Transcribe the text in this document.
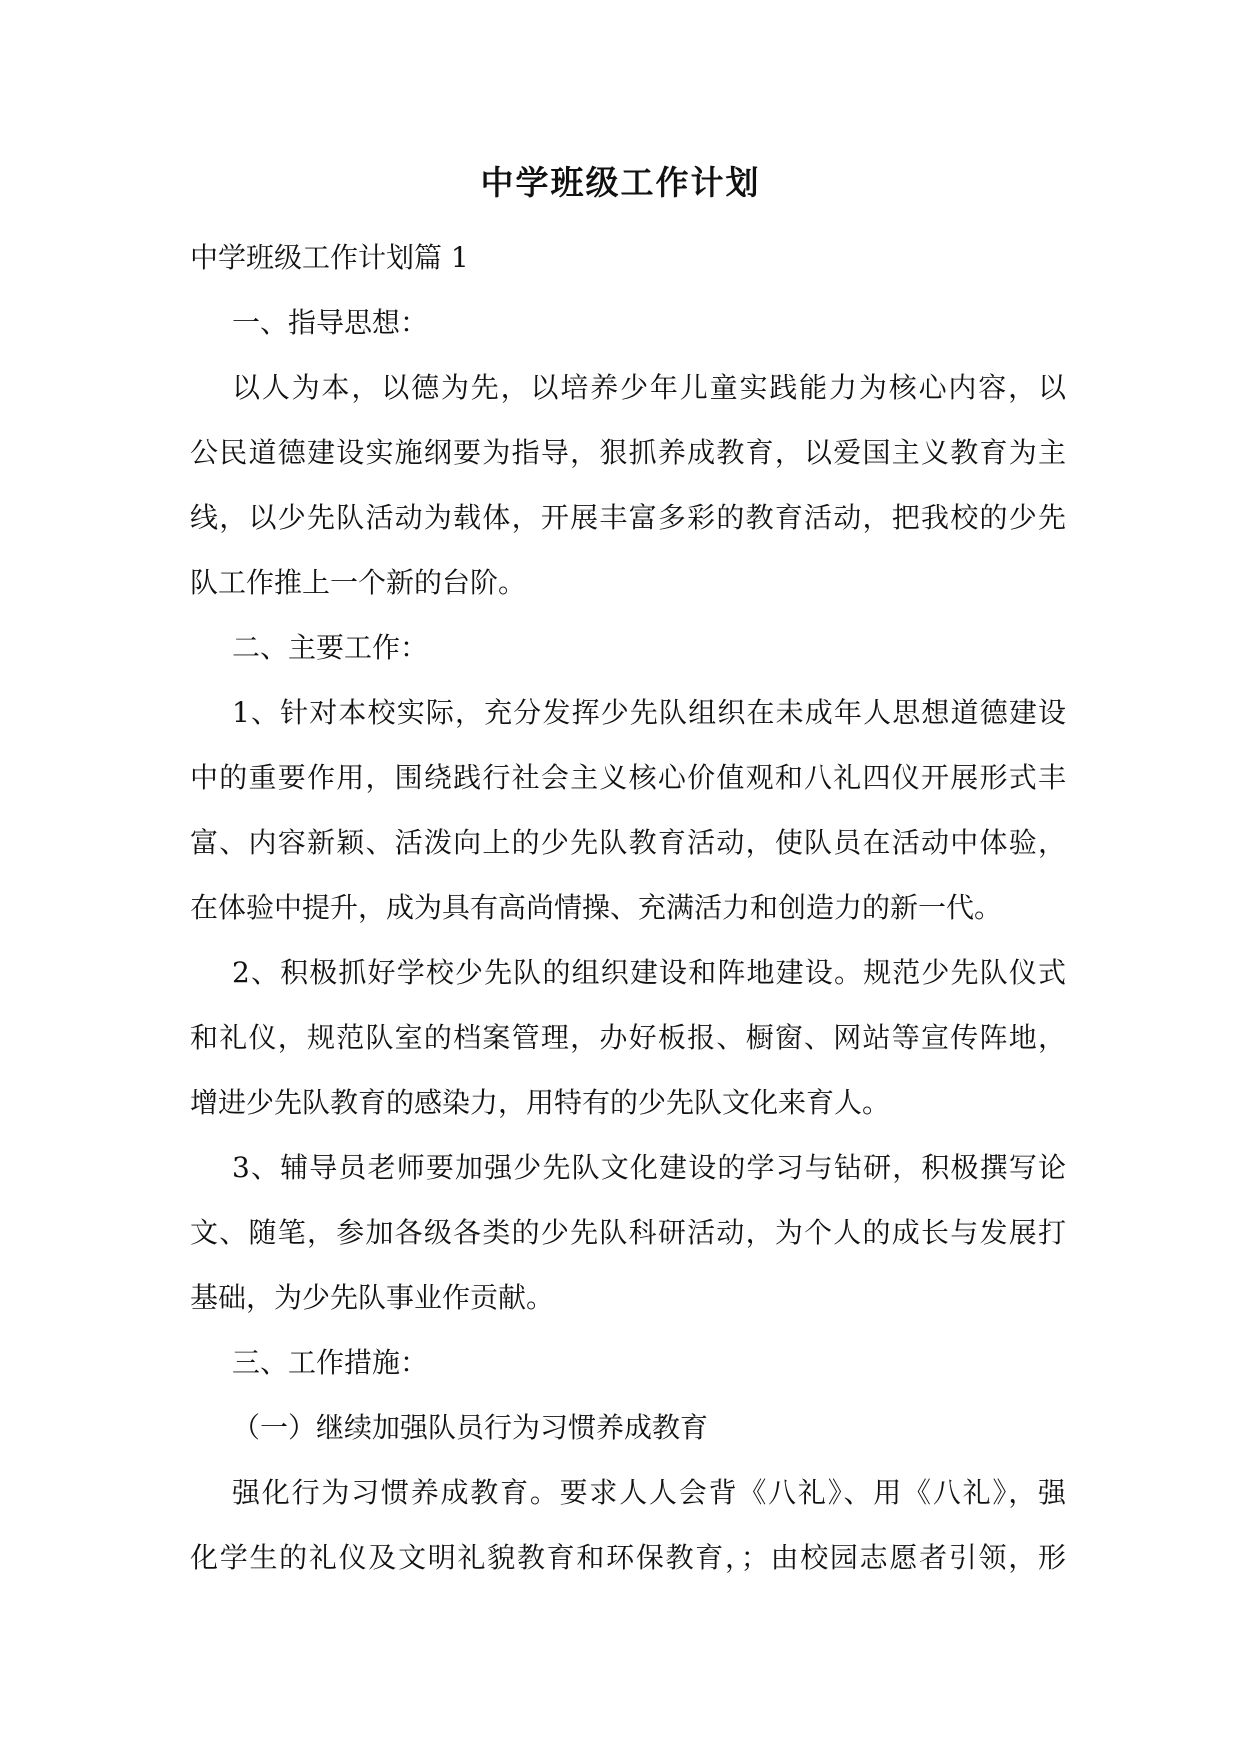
中学班级工作计划
中学班级工作计划篇 1
一、指导思想：
以人为本，以德为先，以培养少年儿童实践能力为核心内容，以
公民道德建设实施纲要为指导，狠抓养成教育，以爱国主义教育为主
线，以少先队活动为载体，开展丰富多彩的教育活动，把我校的少先
队工作推上一个新的台阶。
二、主要工作：
1、针对本校实际，充分发挥少先队组织在未成年人思想道德建设
中的重要作用，围绕践行社会主义核心价值观和八礼四仪开展形式丰
富、内容新颖、活泼向上的少先队教育活动，使队员在活动中体验，
在体验中提升，成为具有高尚情操、充满活力和创造力的新一代。
2、积极抓好学校少先队的组织建设和阵地建设。规范少先队仪式
和礼仪，规范队室的档案管理，办好板报、橱窗、网站等宣传阵地，
增进少先队教育的感染力，用特有的少先队文化来育人。
3、辅导员老师要加强少先队文化建设的学习与钻研，积极撰写论
文、随笔，参加各级各类的少先队科研活动，为个人的成长与发展打
基础，为少先队事业作贡献。
三、工作措施：
（一）继续加强队员行为习惯养成教育
强化行为习惯养成教育。要求人人会背《八礼》、用《八礼》，强
化学生的礼仪及文明礼貌教育和环保教育，；由校园志愿者引领，形
